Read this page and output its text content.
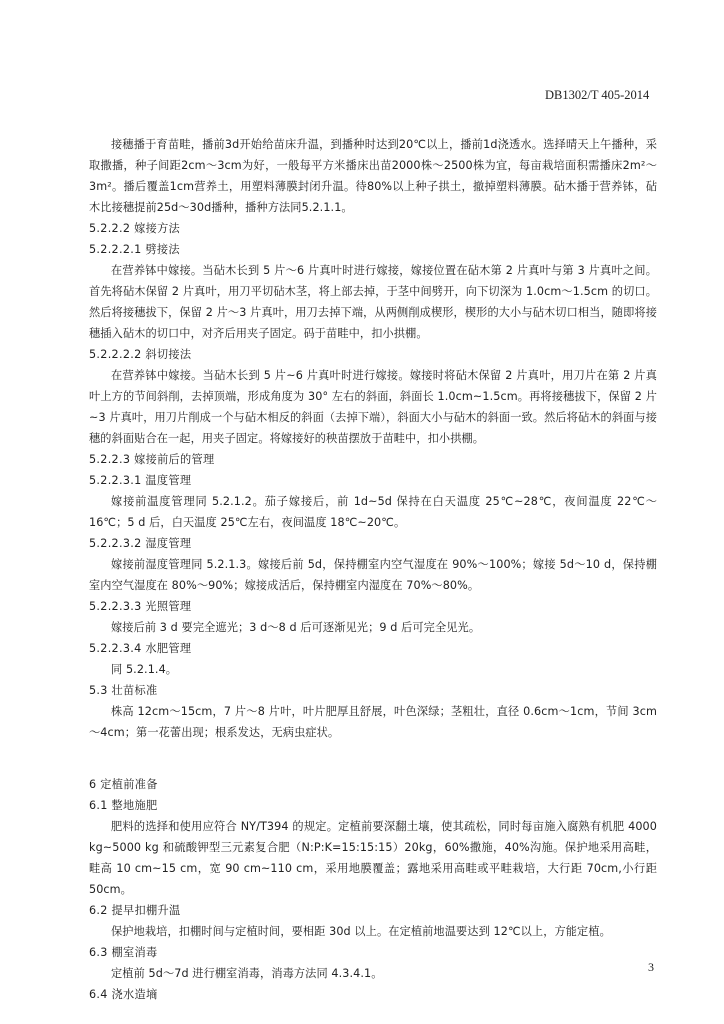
DB1302/T 405-2014
接穗播于育苗畦，播前3d开始给苗床升温，到播种时达到20℃以上，播前1d浇透水。选择晴天上午播种，采取撒播，种子间距2cm～3cm为好，一般每平方米播床出苗2000株～2500株为宜，每亩栽培面积需播床2m²～3m²。播后覆盖1cm营养土，用塑料薄膜封闭升温。待80%以上种子拱土，撤掉塑料薄膜。砧木播于营养钵，砧木比接穗提前25d～30d播种，播种方法同5.2.1.1。
5.2.2.2 嫁接方法
5.2.2.2.1 劈接法
在营养钵中嫁接。当砧木长到 5 片～6 片真叶时进行嫁接，嫁接位置在砧木第 2 片真叶与第 3 片真叶之间。首先将砧木保留 2 片真叶，用刀平切砧木茎，将上部去掉，于茎中间劈开，向下切深为 1.0cm～1.5cm 的切口。然后将接穗拔下，保留 2 片～3 片真叶，用刀去掉下端，从两侧削成楔形，楔形的大小与砧木切口相当，随即将接穗插入砧木的切口中，对齐后用夹子固定。码于苗畦中，扣小拱棚。
5.2.2.2.2 斜切接法
在营养钵中嫁接。当砧木长到 5 片~6 片真叶时进行嫁接。嫁接时将砧木保留 2 片真叶，用刀片在第 2 片真叶上方的节间斜削，去掉顶端，形成角度为 30° 左右的斜面，斜面长 1.0cm~1.5cm。再将接穗拔下，保留 2 片~3 片真叶，用刀片削成一个与砧木相反的斜面（去掉下端），斜面大小与砧木的斜面一致。然后将砧木的斜面与接穗的斜面贴合在一起，用夹子固定。将嫁接好的秧苗摆放于苗畦中，扣小拱棚。
5.2.2.3 嫁接前后的管理
5.2.2.3.1 温度管理
嫁接前温度管理同 5.2.1.2。茄子嫁接后，前 1d~5d 保持在白天温度 25℃~28℃，夜间温度 22℃～16℃；5 d 后，白天温度 25℃左右，夜间温度 18℃~20℃。
5.2.2.3.2 湿度管理
嫁接前湿度管理同 5.2.1.3。嫁接后前 5d，保持棚室内空气湿度在 90%～100%；嫁接 5d～10 d，保持棚室内空气湿度在 80%～90%；嫁接成活后，保持棚室内湿度在 70%～80%。
5.2.2.3.3 光照管理
嫁接后前 3 d 要完全遮光；3 d～8 d 后可逐渐见光；9 d 后可完全见光。
5.2.2.3.4 水肥管理
同 5.2.1.4。
5.3 壮苗标准
株高 12cm～15cm，7 片～8 片叶，叶片肥厚且舒展，叶色深绿；茎粗壮，直径 0.6cm～1cm，节间 3cm～4cm；第一花蕾出现；根系发达，无病虫症状。
6 定植前准备
6.1 整地施肥
肥料的选择和使用应符合 NY/T394 的规定。定植前要深翻土壤，使其疏松，同时每亩施入腐熟有机肥 4000 kg~5000 kg 和硫酸钾型三元素复合肥（N:P:K=15:15:15）20kg，60%撒施，40%沟施。保护地采用高畦，畦高 10 cm~15 cm，宽 90 cm~110 cm，采用地膜覆盖；露地采用高畦或平畦栽培，大行距 70cm,小行距 50cm。
6.2 提早扣棚升温
保护地栽培，扣棚时间与定植时间，要相距 30d 以上。在定植前地温要达到 12℃以上，方能定植。
6.3 棚室消毒
定植前 5d～7d 进行棚室消毒，消毒方法同 4.3.4.1。
6.4 浇水造墒
3
